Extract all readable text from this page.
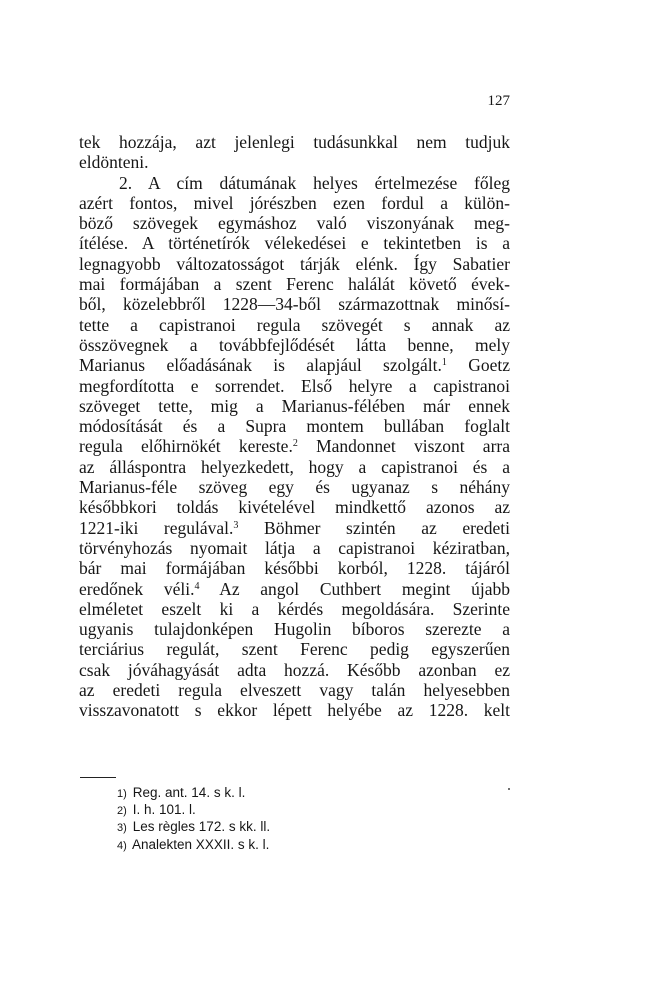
127
tek hozzája, azt jelenlegi tudásunkkal nem tudjuk
eldönteni.
2. A cím dátumának helyes értelmezése főleg
azért fontos, mivel jórészben ezen fordul a külön-
böző szövegek egymáshoz való viszonyának meg-
ítélése. A történetírók vélekedései e tekintetben is a
legnagyobb változatosságot tárják elénk. Így Sabatier
mai formájában a szent Ferenc halálát követő évek-
ből, közelebbről 1228—34-ből származottnak minősí-
tette a capistranoi regula szövegét s annak az
összövegnek a továbbfejlődését látta benne, mely
Marianus előadásának is alapjául szolgált.$^1$ Goetz
megfordította e sorrendet. Első helyre a capistranoi
szöveget tette, mig a Marianus-félében már ennek
módosítását és a Supra montem bullában foglalt
regula előhirnökét kereste.$^2$ Mandonnet viszont arra
az álláspontra helyezkedett, hogy a capistranoi és a
Marianus-féle szöveg egy és ugyanaz s néhány
későbbkori toldás kivételével mindkettő azonos az
1221-iki regulával.$^3$ Böhmer szintén az eredeti
törvényhozás nyomait látja a capistranoi kéziratban,
bár mai formájában későbbi korból, 1228. tájáról
eredőnek véli.$^4$ Az angol Cuthbert megint újabb
elméletet eszelt ki a kérdés megoldására. Szerinte
ugyanis tulajdonképen Hugolin bíboros szerezte a
terciárius regulát, szent Ferenc pedig egyszerűen
csak jóváhagyását adta hozzá. Később azonban ez
az eredeti regula elveszett vagy talán helyesebben
visszavonatott s ekkor lépett helyébe az 1228. kelt
1) Reg. ant. 14. s k. l.
2) I. h. 101. l.
3) Les règles 172. s kk. ll.
4) Analekten XXXII. s k. l.
